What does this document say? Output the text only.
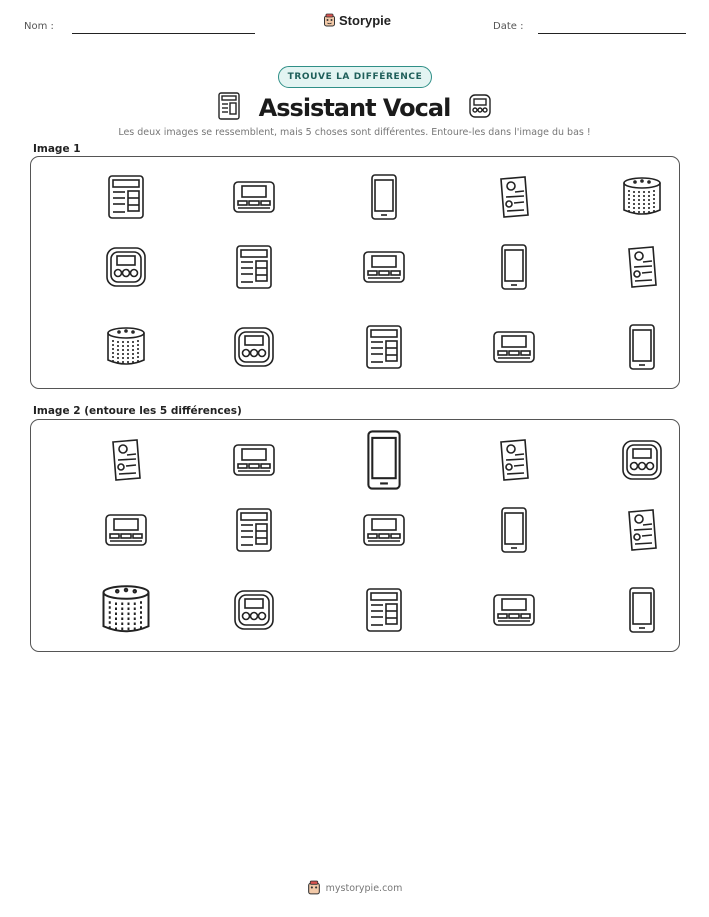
Nom :	Storypie	Date :
TROUVE LA DIFFÉRENCE
Assistant Vocal
Les deux images se ressemblent, mais 5 choses sont différentes. Entoure-les dans l'image du bas !
Image 1
Image 2 (entoure les 5 différences)
mystorypie.com
